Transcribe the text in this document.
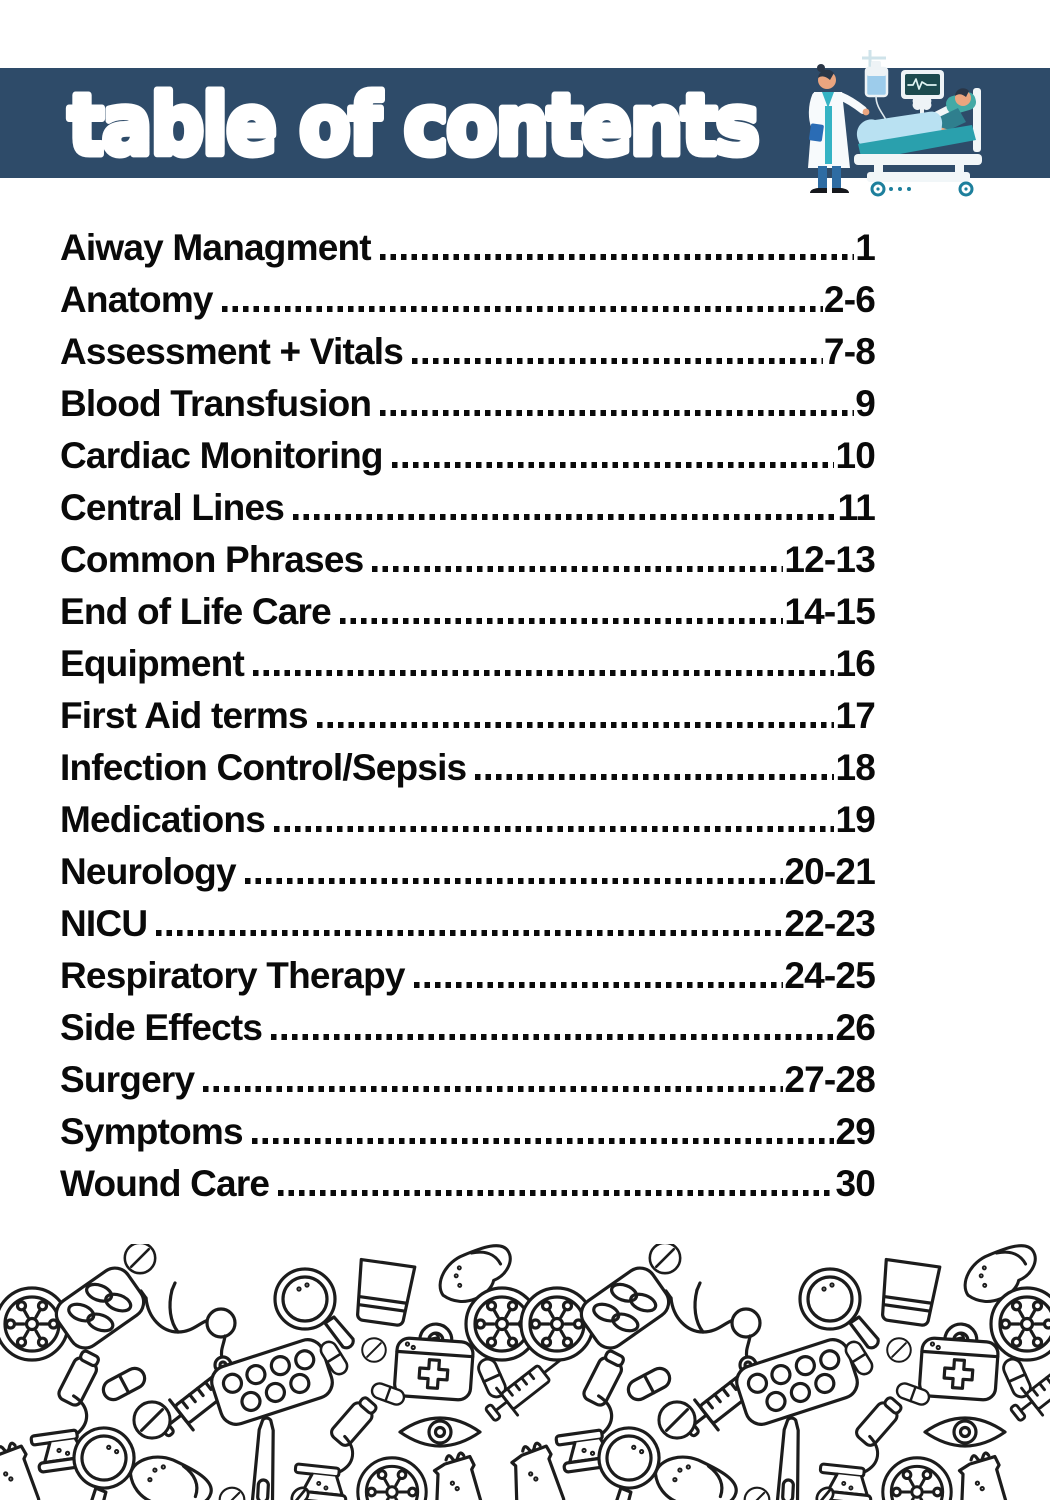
table of contents
Aiway Managment	1
Anatomy	2-6
Assessment + Vitals	7-8
Blood Transfusion	9
Cardiac Monitoring	10
Central Lines	11
Common Phrases	12-13
End of Life Care	14-15
Equipment	16
First Aid terms	17
Infection Control/Sepsis	18
Medications	19
Neurology	20-21
NICU	22-23
Respiratory Therapy	24-25
Side Effects	26
Surgery	27-28
Symptoms	29
Wound Care	30
